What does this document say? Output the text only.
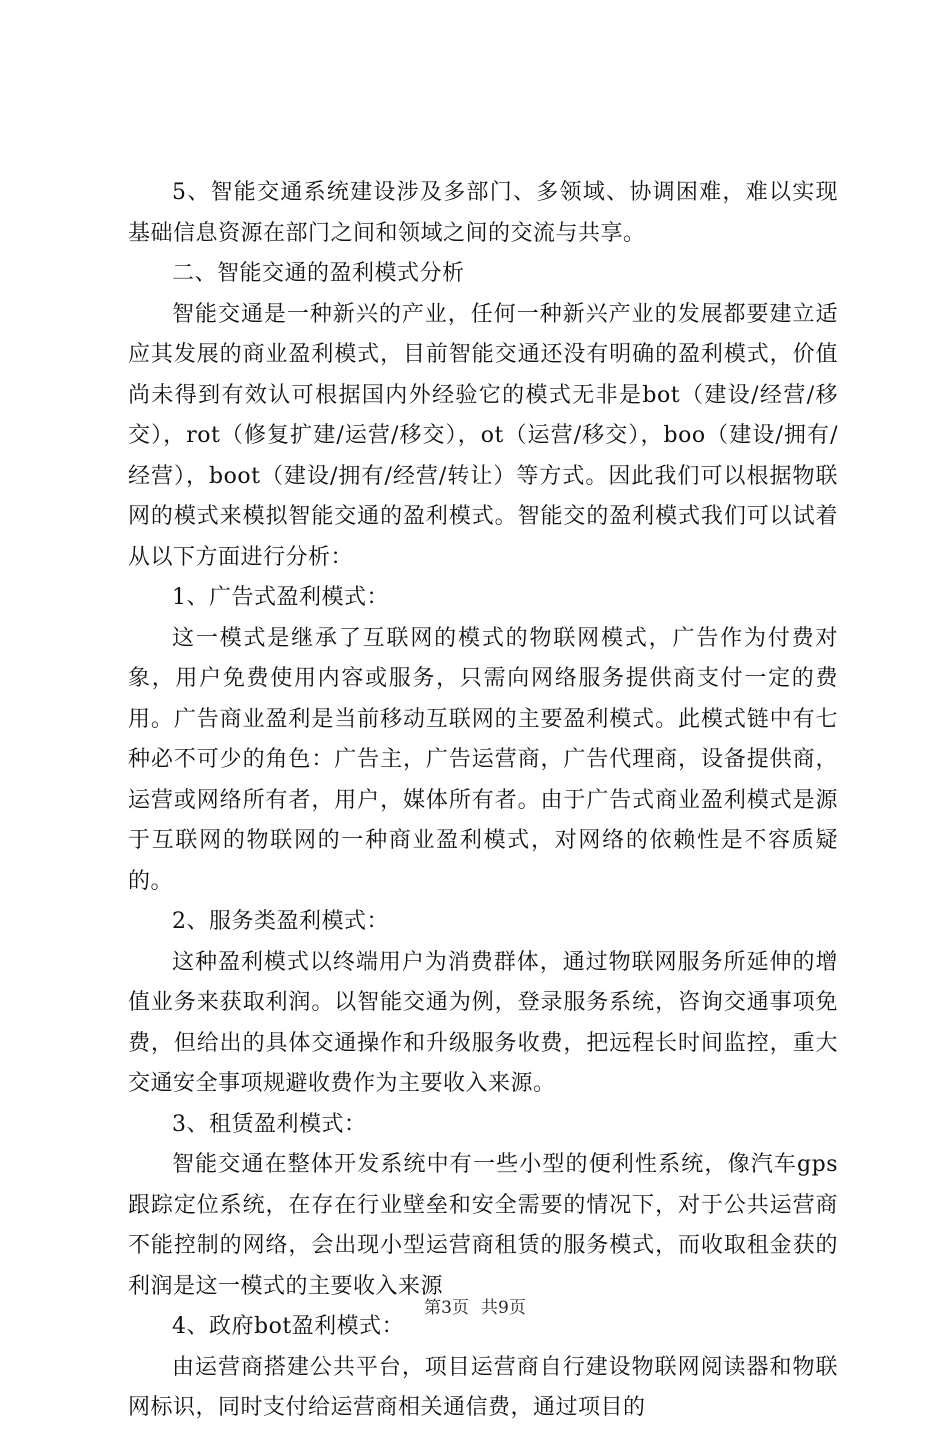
5、智能交通系统建设涉及多部门、多领域、协调困难，难以实现基础信息资源在部门之间和领域之间的交流与共享。

二、智能交通的盈利模式分析

智能交通是一种新兴的产业，任何一种新兴产业的发展都要建立适应其发展的商业盈利模式，目前智能交通还没有明确的盈利模式，价值尚未得到有效认可根据国内外经验它的模式无非是bot（建设/经营/移交），rot（修复扩建/运营/移交），ot（运营/移交），boo（建设/拥有/经营），boot（建设/拥有/经营/转让）等方式。因此我们可以根据物联网的模式来模拟智能交通的盈利模式。智能交的盈利模式我们可以试着从以下方面进行分析：

1、广告式盈利模式：

这一模式是继承了互联网的模式的物联网模式，广告作为付费对象，用户免费使用内容或服务，只需向网络服务提供商支付一定的费用。广告商业盈利是当前移动互联网的主要盈利模式。此模式链中有七种必不可少的角色：广告主，广告运营商，广告代理商，设备提供商，运营或网络所有者，用户，媒体所有者。由于广告式商业盈利模式是源于互联网的物联网的一种商业盈利模式，对网络的依赖性是不容质疑的。

2、服务类盈利模式：

这种盈利模式以终端用户为消费群体，通过物联网服务所延伸的增值业务来获取利润。以智能交通为例，登录服务系统，咨询交通事项免费，但给出的具体交通操作和升级服务收费，把远程长时间监控，重大交通安全事项规避收费作为主要收入来源。

3、租赁盈利模式：

智能交通在整体开发系统中有一些小型的便利性系统，像汽车gps跟踪定位系统，在存在行业壁垒和安全需要的情况下，对于公共运营商不能控制的网络，会出现小型运营商租赁的服务模式，而收取租金获的利润是这一模式的主要收入来源

4、政府bot盈利模式：

由运营商搭建公共平台，项目运营商自行建设物联网阅读器和物联网标识，同时支付给运营商相关通信费，通过项目的

第3页 共9页
